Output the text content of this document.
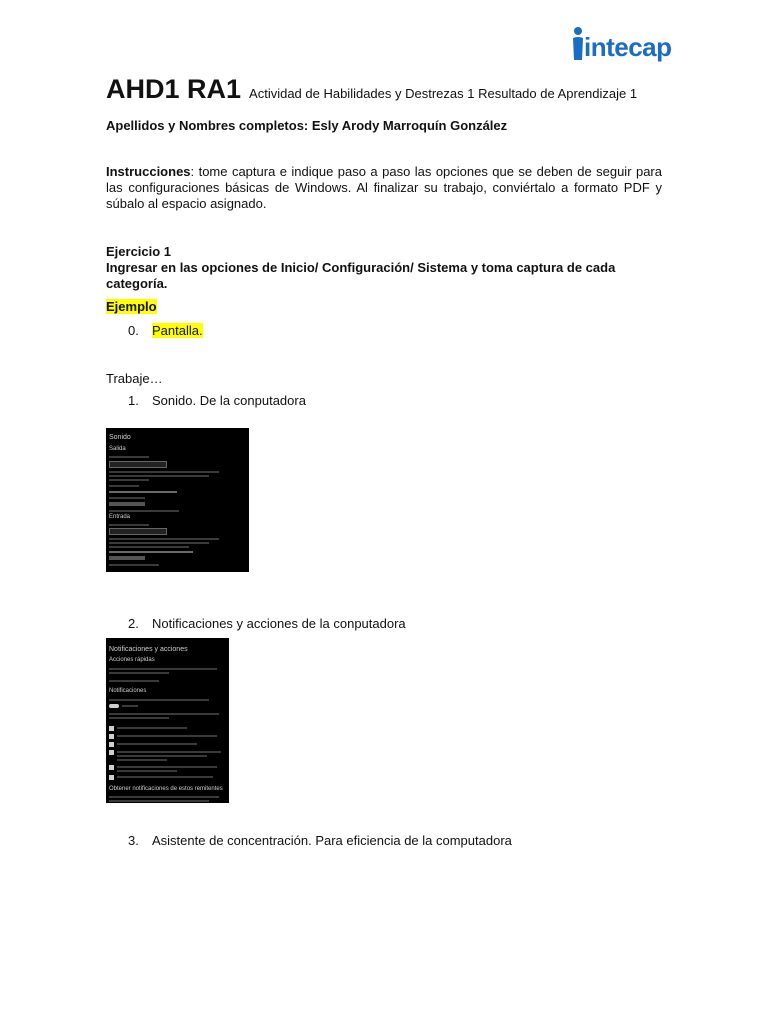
intecap
AHD1 RA1 Actividad de Habilidades y Destrezas 1 Resultado de Aprendizaje 1
Apellidos y Nombres completos: Esly Arody Marroquín González
Instrucciones: tome captura e indique paso a paso las opciones que se deben de seguir para las configuraciones básicas de Windows. Al finalizar su trabajo, conviértalo a formato PDF y súbalo al espacio asignado.
Ejercicio 1
Ingresar en las opciones de Inicio/ Configuración/ Sistema y toma captura de cada categoría.
Ejemplo
0. Pantalla.
Trabaje…
1. Sonido. De la conputadora
Sonido
Salida
Entrada
2. Notificaciones y acciones de la conputadora
Notificaciones y acciones
Acciones rápidas
Notificaciones
Obtener notificaciones de estos remitentes
3. Asistente de concentración. Para eficiencia de la computadora
